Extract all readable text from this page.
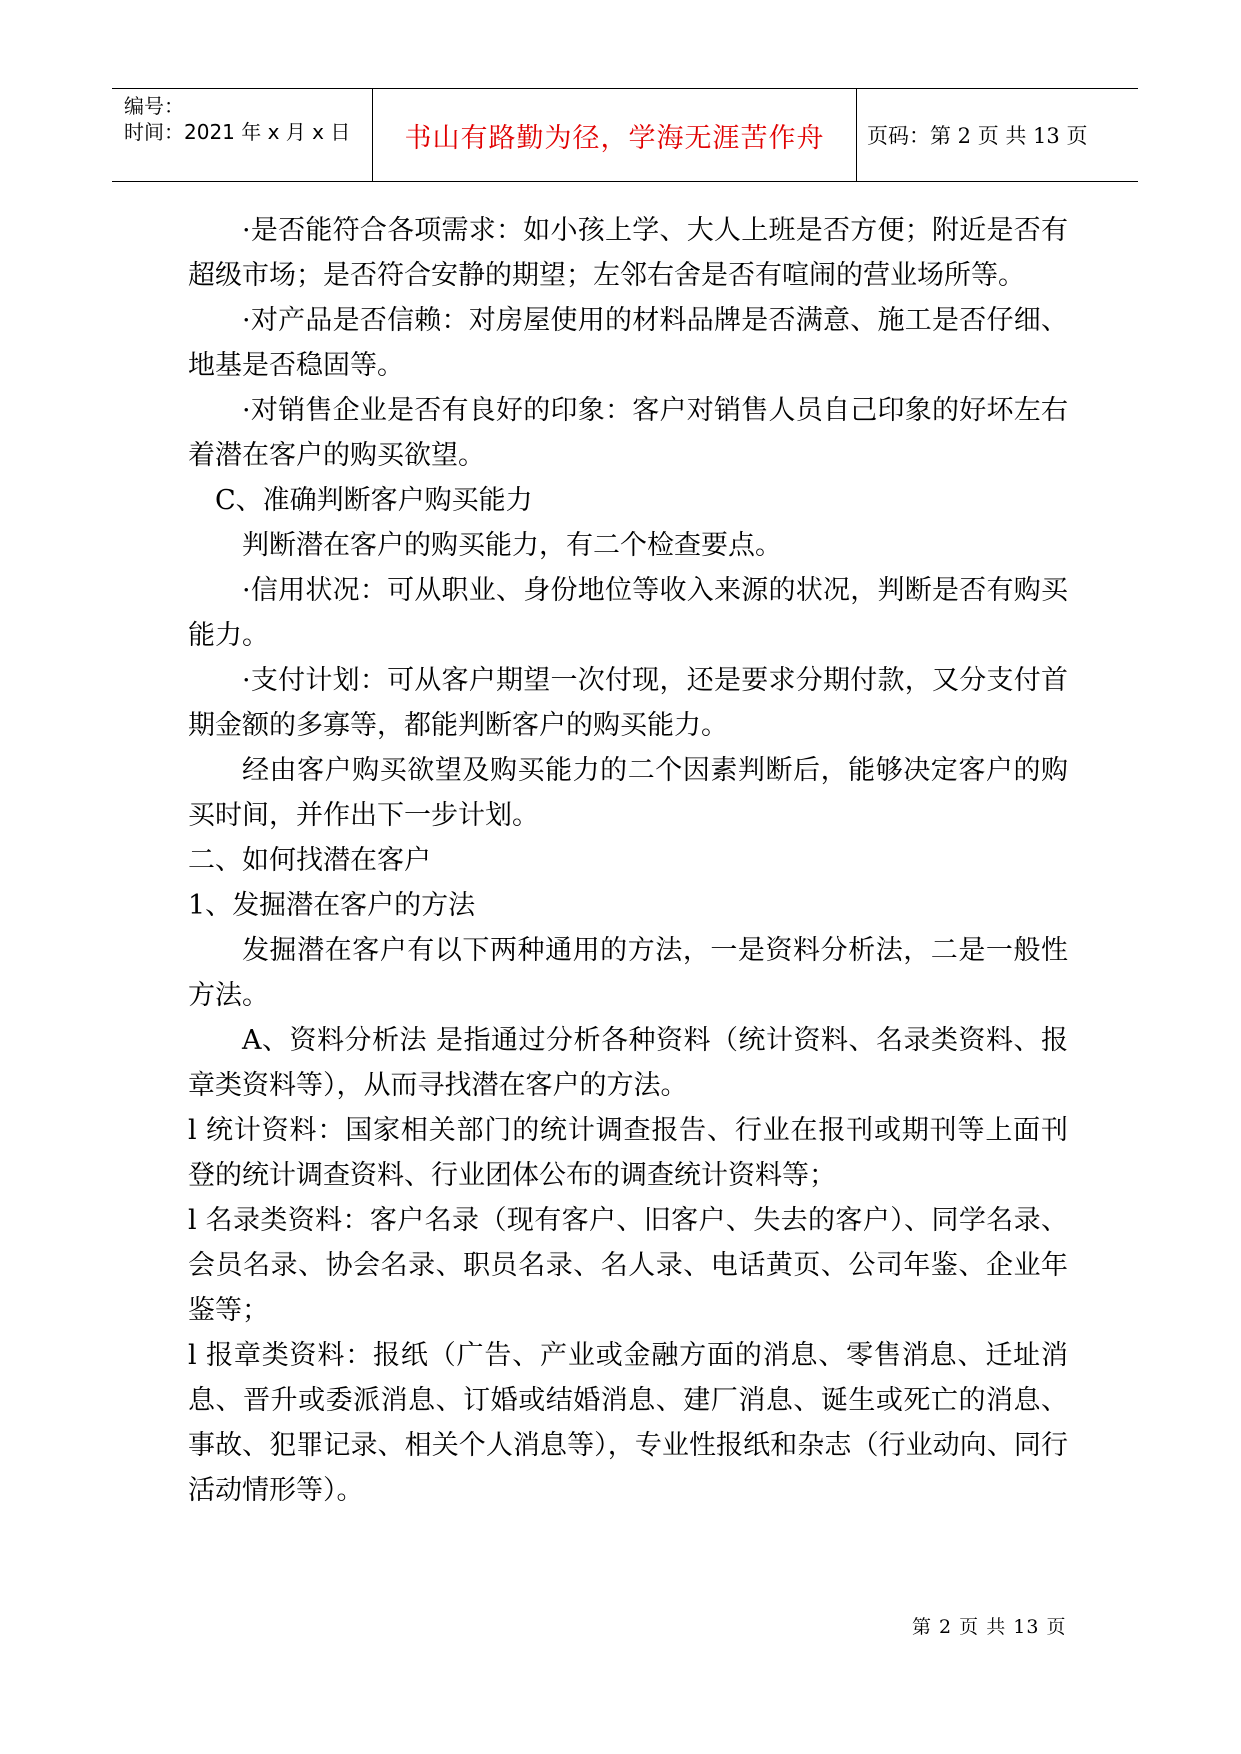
编号：
时间：2021 年 x 月 x 日	书山有路勤为径，学海无涯苦作舟	页码：第 2 页 共 13 页

·是否能符合各项需求：如小孩上学、大人上班是否方便；附近是否有超级市场；是否符合安静的期望；左邻右舍是否有喧闹的营业场所等。

·对产品是否信赖：对房屋使用的材料品牌是否满意、施工是否仔细、地基是否稳固等。

·对销售企业是否有良好的印象：客户对销售人员自己印象的好坏左右着潜在客户的购买欲望。

C、准确判断客户购买能力

判断潜在客户的购买能力，有二个检查要点。

·信用状况：可从职业、身份地位等收入来源的状况，判断是否有购买能力。

·支付计划：可从客户期望一次付现，还是要求分期付款，又分支付首期金额的多寡等，都能判断客户的购买能力。

经由客户购买欲望及购买能力的二个因素判断后，能够决定客户的购买时间，并作出下一步计划。

二、如何找潜在客户

1、发掘潜在客户的方法

发掘潜在客户有以下两种通用的方法，一是资料分析法，二是一般性方法。

A、资料分析法 是指通过分析各种资料（统计资料、名录类资料、报章类资料等），从而寻找潜在客户的方法。

l 统计资料：国家相关部门的统计调查报告、行业在报刊或期刊等上面刊登的统计调查资料、行业团体公布的调查统计资料等；

l 名录类资料：客户名录（现有客户、旧客户、失去的客户）、同学名录、会员名录、协会名录、职员名录、名人录、电话黄页、公司年鉴、企业年鉴等；

l 报章类资料：报纸（广告、产业或金融方面的消息、零售消息、迁址消息、晋升或委派消息、订婚或结婚消息、建厂消息、诞生或死亡的消息、事故、犯罪记录、相关个人消息等），专业性报纸和杂志（行业动向、同行活动情形等）。

第 2 页 共 13 页
